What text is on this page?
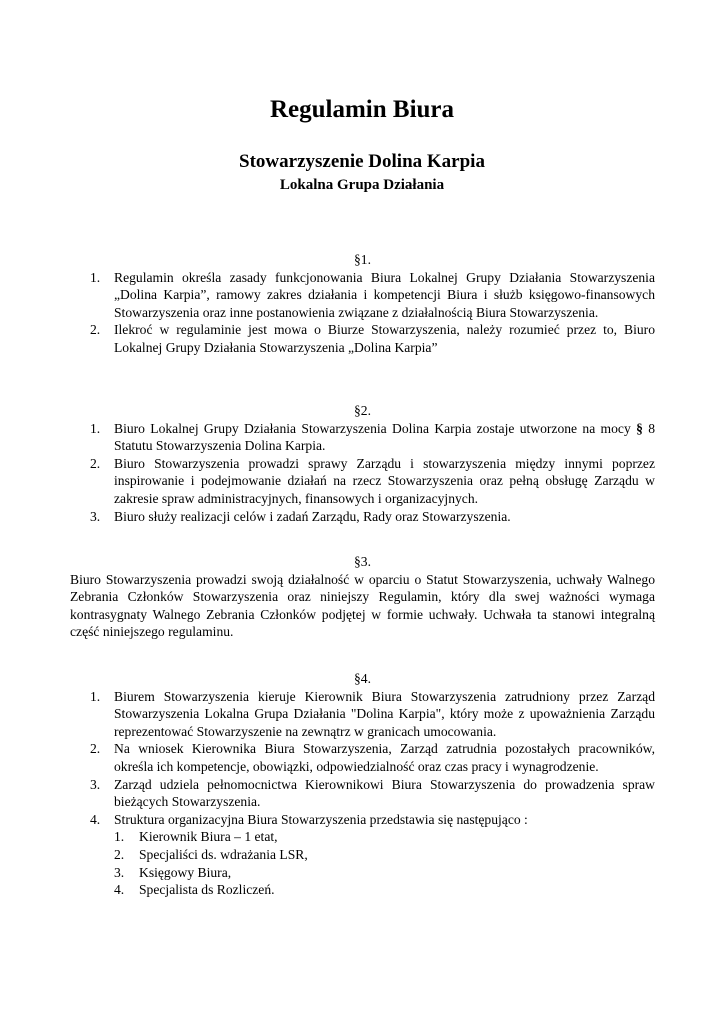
Regulamin Biura
Stowarzyszenie Dolina Karpia
Lokalna Grupa Działania
§1.
1. Regulamin określa zasady funkcjonowania Biura Lokalnej Grupy Działania Stowarzyszenia „Dolina Karpia”, ramowy zakres działania i kompetencji Biura i służb księgowo-finansowych Stowarzyszenia oraz inne postanowienia związane z działalnością Biura Stowarzyszenia.
2. Ilekroć w regulaminie jest mowa o Biurze Stowarzyszenia, należy rozumieć przez to, Biuro Lokalnej Grupy Działania Stowarzyszenia „Dolina Karpia”
§2.
1. Biuro Lokalnej Grupy Działania Stowarzyszenia Dolina Karpia zostaje utworzone na mocy § 8 Statutu Stowarzyszenia Dolina Karpia.
2. Biuro Stowarzyszenia prowadzi sprawy Zarządu i stowarzyszenia między innymi poprzez inspirowanie i podejmowanie działań na rzecz Stowarzyszenia oraz pełną obsługę Zarządu w zakresie spraw administracyjnych, finansowych i organizacyjnych.
3. Biuro służy realizacji celów i zadań Zarządu, Rady oraz Stowarzyszenia.
§3.
Biuro Stowarzyszenia prowadzi swoją działalność w oparciu o Statut Stowarzyszenia, uchwały Walnego Zebrania Członków Stowarzyszenia oraz niniejszy Regulamin, który dla swej ważności wymaga kontrasygnaty Walnego Zebrania Członków podjętej w formie uchwały. Uchwała ta stanowi integralną część niniejszego regulaminu.
§4.
1. Biurem Stowarzyszenia kieruje Kierownik Biura Stowarzyszenia zatrudniony przez Zarząd Stowarzyszenia Lokalna Grupa Działania "Dolina Karpia", który może z upoważnienia Zarządu reprezentować Stowarzyszenie na zewnątrz w granicach umocowania.
2. Na wniosek Kierownika Biura Stowarzyszenia, Zarząd zatrudnia pozostałych pracowników, określa ich kompetencje, obowiązki, odpowiedzialność oraz czas pracy i wynagrodzenie.
3. Zarząd udziela pełnomocnictwa Kierownikowi Biura Stowarzyszenia do prowadzenia spraw bieżących Stowarzyszenia.
4. Struktura organizacyjna Biura Stowarzyszenia przedstawia się następująco :
1. Kierownik Biura – 1 etat,
2. Specjaliści ds. wdrażania LSR,
3. Księgowy Biura,
4. Specjalista ds Rozliczeń.
